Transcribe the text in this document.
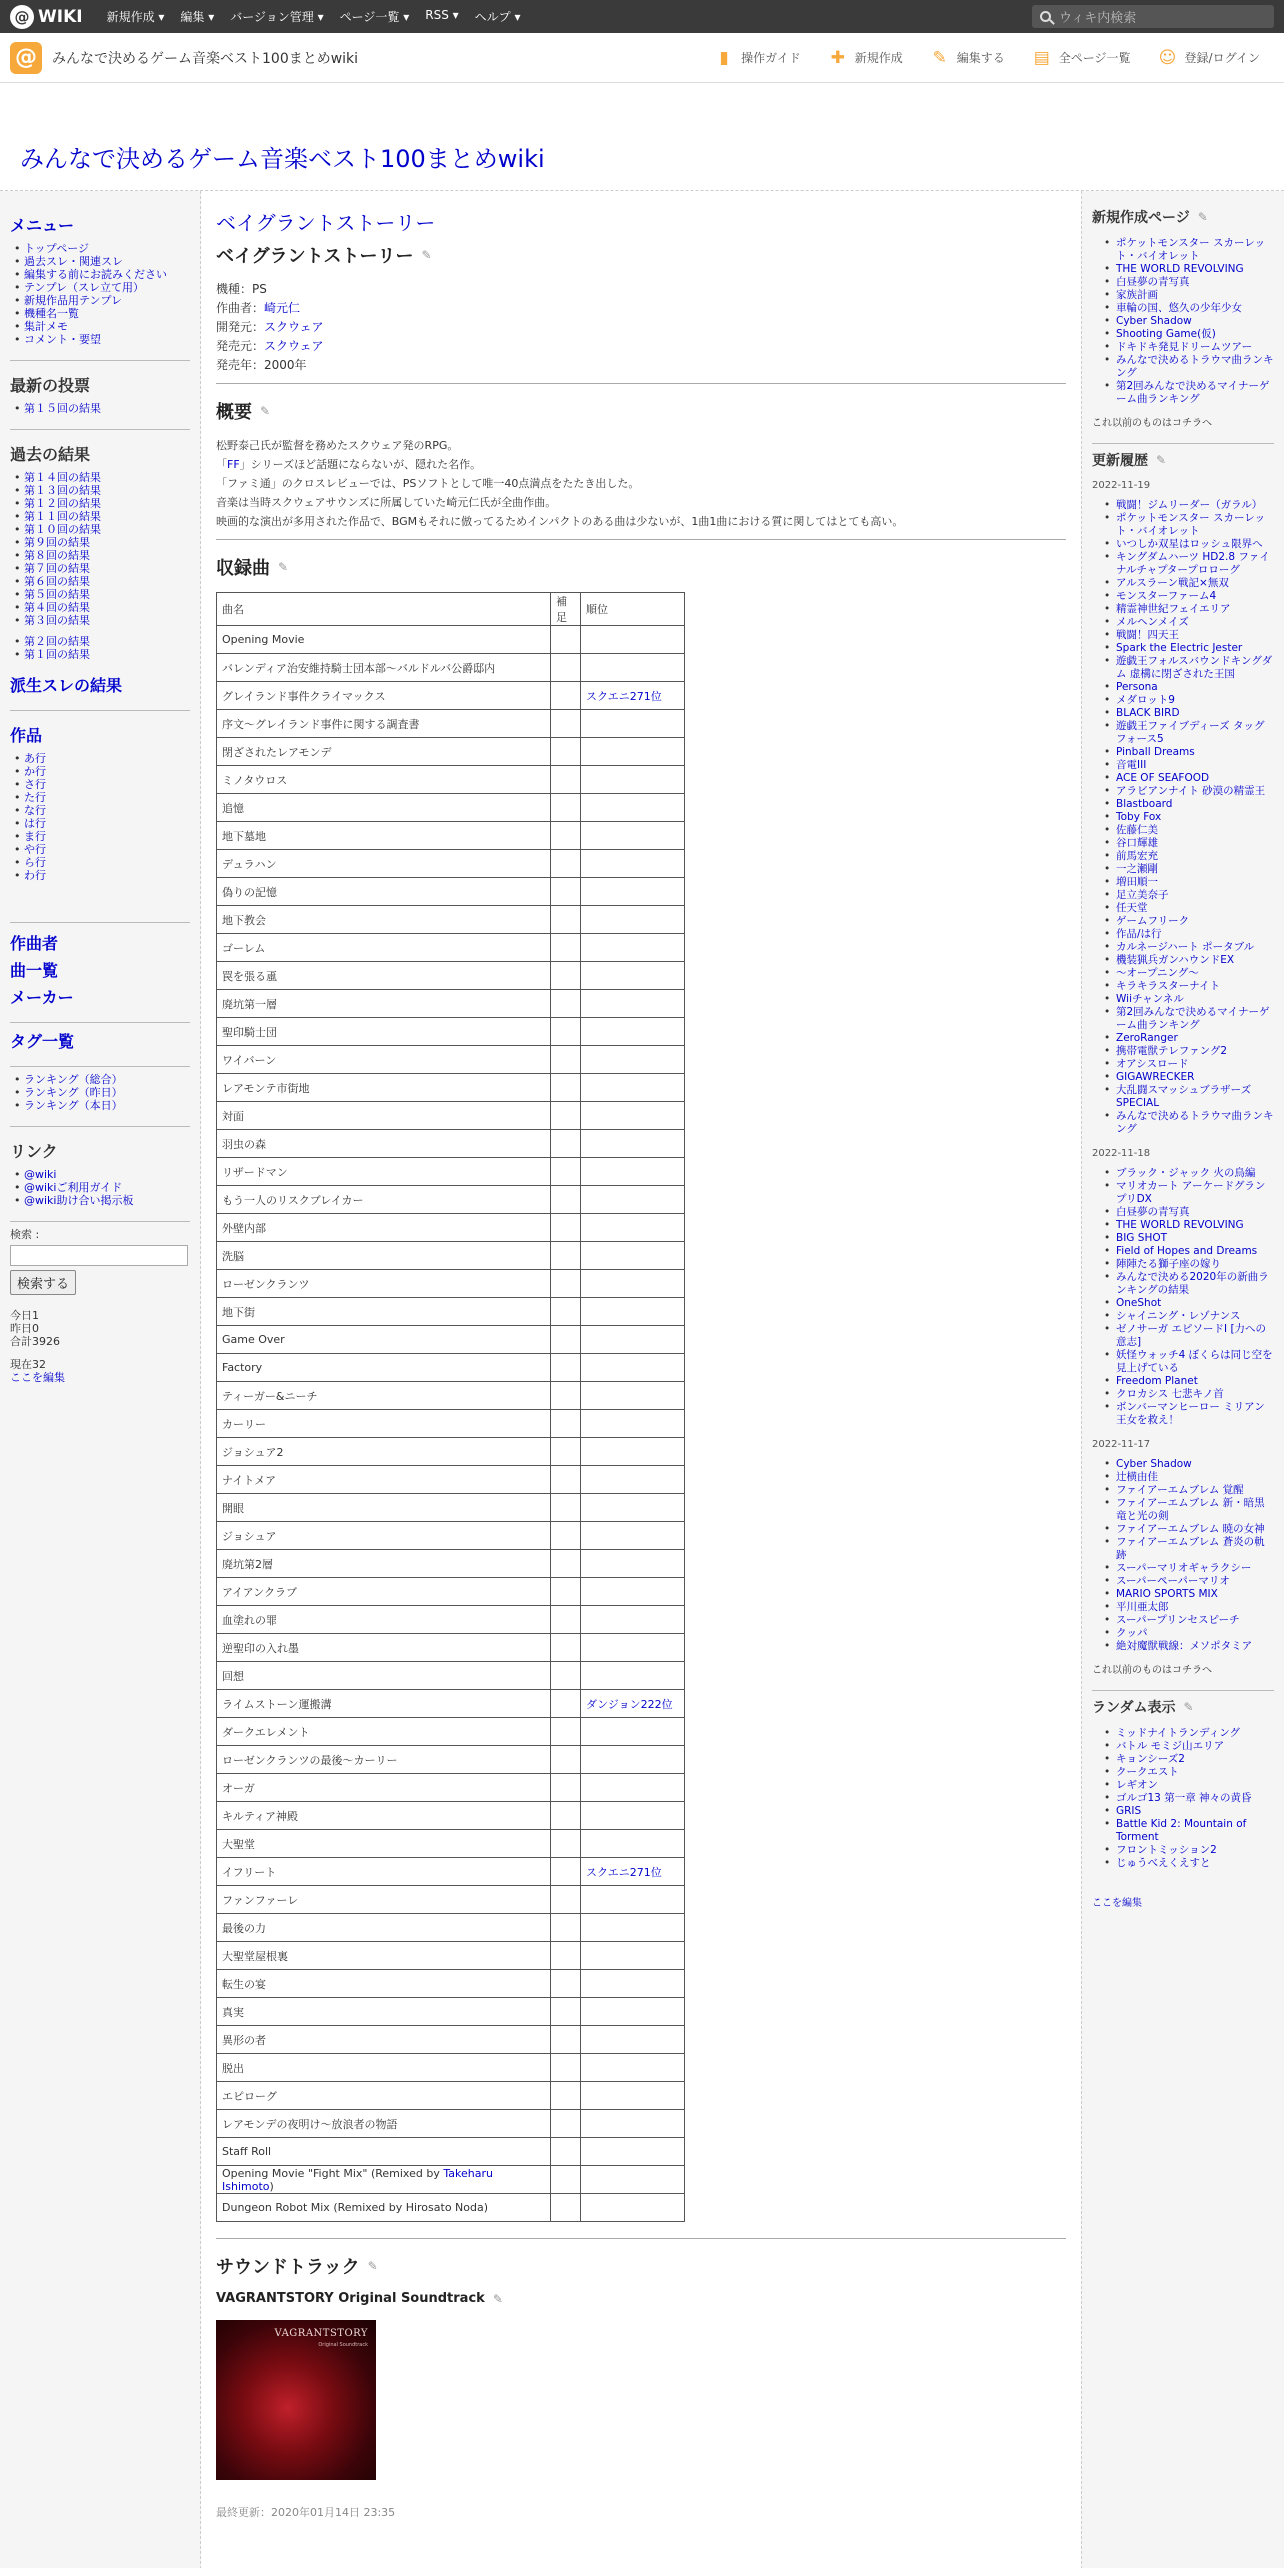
@ WIKI	新規作成 ▾	編集 ▾	バージョン管理 ▾	ページ一覧 ▾	RSS ▾	ヘルプ ▾	ウィキ内検索
@	みんなで決めるゲーム音楽ベスト100まとめwiki	▮	操作ガイド ✚ 新規作成 ✎ 編集する ▤ 全ページ一覧 ☺ 登録/ログイン
みんなで決めるゲーム音楽ベスト100まとめwiki
メニュー
• トップページ
• 過去スレ・関連スレ
• 編集する前にお読みください
• テンプレ（スレ立て用）
• 新規作品用テンプレ
• 機種名一覧
• 集計メモ
• コメント・要望
最新の投票
• 第１５回の結果
過去の結果
• 第１４回の結果
• 第１３回の結果
• 第１２回の結果
• 第１１回の結果
• 第１０回の結果
• 第９回の結果
• 第８回の結果
• 第７回の結果
• 第６回の結果
• 第５回の結果
• 第４回の結果
• 第３回の結果
• 第２回の結果
• 第１回の結果
派生スレの結果
作品
• あ行
• か行
• さ行
• た行
• な行
• は行
• ま行
• や行
• ら行
• わ行
作曲者
曲一覧
メーカー
タグ一覧
• ランキング（総合）
• ランキング（昨日）
• ランキング（本日）
リンク
• @wiki
• @wikiご利用ガイド
• @wiki助け合い掲示板
検索 :
検索する
今日1
昨日0
合計3926
現在32
ここを編集
ベイグラントストーリー
ベイグラントストーリー ✎
機種：PS
作曲者：崎元仁
開発元：スクウェア
発売元：スクウェア
発売年：2000年
概要 ✎
松野泰己氏が監督を務めたスクウェア発のRPG。
「FF」シリーズほど話題にならないが、隠れた名作。
「ファミ通」のクロスレビューでは、PSソフトとして唯一40点満点をたたき出した。
音楽は当時スクウェアサウンズに所属していた崎元仁氏が全曲作曲。
映画的な演出が多用された作品で、BGMもそれに倣ってるためインパクトのある曲は少ないが、1曲1曲における質に関してはとても高い。
収録曲 ✎
曲名	補足	順位
Opening Movie		
バレンディア治安維持騎士団本部～バルドルバ公爵邸内		
グレイランド事件クライマックス		スクエニ271位
序文～グレイランド事件に関する調査書		
閉ざされたレアモンデ		
ミノタウロス		
追憶		
地下墓地		
デュラハン		
偽りの記憶		
地下教会		
ゴーレム		
罠を張る颪		
廃坑第一層		
聖印騎士団		
ワイバーン		
レアモンテ市街地		
対面		
羽虫の森		
リザードマン		
もう一人のリスクブレイカー		
外壁内部		
洗脳		
ローゼンクランツ		
地下街		
Game Over		
Factory		
ティーガー&ニーチ		
カーリー		
ジョシュア2		
ナイトメア		
開眼		
ジョシュア		
廃坑第2層		
アイアンクラブ		
血塗れの罪		
逆聖印の入れ墨		
回想		
ライムストーン運搬溝		ダンジョン222位
ダークエレメント		
ローゼンクランツの最後～カーリー		
オーガ		
キルティア神殿		
大聖堂		
イフリート		スクエニ271位
ファンファーレ		
最後の力		
大聖堂屋根裏		
転生の宴		
真実		
異形の者		
脱出		
エピローグ		
レアモンデの夜明け～放浪者の物語		
Staff Roll		
Opening Movie "Fight Mix" (Remixed by Takeharu Ishimoto)		
Dungeon Robot Mix (Remixed by Hirosato Noda)		
サウンドトラック ✎
VAGRANTSTORY Original Soundtrack ✎
VAGRANTSTORY
Original Soundtrack
最終更新：2020年01月14日 23:35
新規作成ページ ✎
• ポケットモンスター スカーレット・バイオレット
• THE WORLD REVOLVING
• 白昼夢の青写真
• 家族計画
• 車輪の国、悠久の少年少女
• Cyber Shadow
• Shooting Game(仮)
• ドキドキ発見ドリームツアー
• みんなで決めるトラウマ曲ランキング
• 第2回みんなで決めるマイナーゲーム曲ランキング
これ以前のものはコチラへ
更新履歴 ✎
2022-11-19
• 戦闘！ジムリーダー（ガラル）
• ポケットモンスター スカーレット・バイオレット
• いつしか双星はロッシュ限界へ
• キングダムハーツ HD2.8 ファイナルチャプタープロローグ
• アルスラーン戦記×無双
• モンスターファーム4
• 精霊神世紀フェイエリア
• メルヘンメイズ
• 戦闘！四天王
• Spark the Electric Jester
• 遊戯王フォルスバウンドキングダム 虚構に閉ざされた王国
• Persona
• メダロット9
• BLACK BIRD
• 遊戯王ファイブディーズ タッグフォース5
• Pinball Dreams
• 音電III
• ACE OF SEAFOOD
• アラビアンナイト 砂漠の精霊王
• Blastboard
• Toby Fox
• 佐藤仁美
• 谷口輝雄
• 前馬宏充
• 一之瀬剛
• 増田順一
• 足立美奈子
• 任天堂
• ゲームフリーク
• 作品/は行
• カルネージハート ポータブル
• 機装猟兵ガンハウンドEX
• ～オープニング～
• キラキラスターナイト
• Wiiチャンネル
• 第2回みんなで決めるマイナーゲーム曲ランキング
• ZeroRanger
• 携帯電獣テレファング2
• オアシスロード
• GIGAWRECKER
• 大乱闘スマッシュブラザーズ SPECIAL
• みんなで決めるトラウマ曲ランキング
2022-11-18
• ブラック・ジャック 火の鳥編
• マリオカート アーケードグランプリDX
• 白昼夢の青写真
• THE WORLD REVOLVING
• BIG SHOT
• Field of Hopes and Dreams
• 陣陣たる獅子座の嫁り
• みんなで決める2020年の新曲ランキングの結果
• OneShot
• シャイニング・レゾナンス
• ゼノサーガ エピソードI [力への意志]
• 妖怪ウォッチ4 ぼくらは同じ空を見上げている
• Freedom Planet
• クロカシス 七悲キノ首
• ボンバーマンヒーロー ミリアン王女を救え！
2022-11-17
• Cyber Shadow
• 辻横由佳
• ファイアーエムブレム 覚醒
• ファイアーエムブレム 新・暗黒竜と光の剣
• ファイアーエムブレム 暁の女神
• ファイアーエムブレム 蒼炎の軌跡
• スーパーマリオギャラクシー
• スーパーペーパーマリオ
• MARIO SPORTS MIX
• 平川亜太郎
• スーパープリンセスピーチ
• クッパ
• 絶対魔獣戦線：メソポタミア
これ以前のものはコチラへ
ランダム表示 ✎
• ミッドナイトランディング
• バトル モミジ山エリア
• キョンシーズ2
• クークエスト
• レギオン
• ゴルゴ13 第一章 神々の黄昏
• GRIS
• Battle Kid 2: Mountain of Torment
• フロントミッション2
• じゅうべえくえすと
ここを編集
